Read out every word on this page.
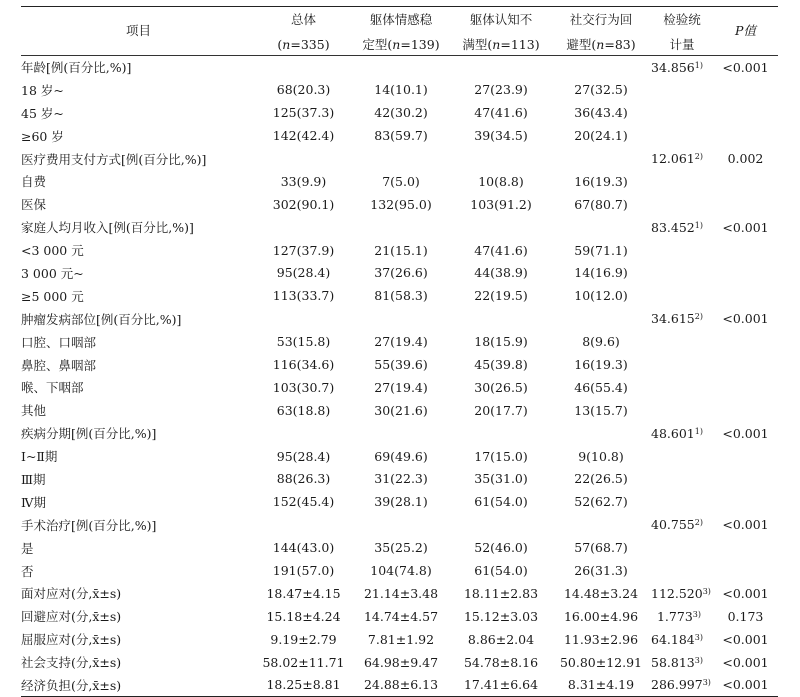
项目	总体	躯体情感稳	躯体认知不	社交行为回	检验统	P值
	(n=335)	定型(n=139)	满型(n=113)	避型(n=83)	计量	
年龄[例(百分比,%)]					$34.856^{1)}$	<0.001
18 岁~	68(20.3)	14(10.1)	27(23.9)	27(32.5)		
45 岁~	125(37.3)	42(30.2)	47(41.6)	36(43.4)		
≥60 岁	142(42.4)	83(59.7)	39(34.5)	20(24.1)		
医疗费用支付方式[例(百分比,%)]					12.061$^{2)}$	0.002
自费	33(9.9)	7(5.0)	10(8.8)	16(19.3)		
医保	302(90.1)	132(95.0)	103(91.2)	67(80.7)		
家庭人均月收入[例(百分比,%)]					$83.452^{1)}$	<0.001
<3 000 元	127(37.9)	21(15.1)	47(41.6)	59(71.1)		
3 000 元~	95(28.4)	37(26.6)	44(38.9)	14(16.9)		
≥5 000 元	113(33.7)	81(58.3)	22(19.5)	10(12.0)		
肿瘤发病部位[例(百分比,%)]					$34.615^{2)}$	<0.001
口腔、口咽部	53(15.8)	27(19.4)	18(15.9)	8(9.6)		
鼻腔、鼻咽部	116(34.6)	55(39.6)	45(39.8)	16(19.3)		
喉、下咽部	103(30.7)	27(19.4)	30(26.5)	46(55.4)		
其他	63(18.8)	30(21.6)	20(17.7)	13(15.7)		
疾病分期[例(百分比,%)]					$48.601^{1)}$	<0.001
Ⅰ~Ⅱ期	95(28.4)	69(49.6)	17(15.0)	9(10.8)		
Ⅲ期	88(26.3)	31(22.3)	35(31.0)	22(26.5)		
Ⅳ期	152(45.4)	39(28.1)	61(54.0)	52(62.7)		
手术治疗[例(百分比,%)]					$40.755^{2)}$	<0.001
是	144(43.0)	35(25.2)	52(46.0)	57(68.7)		
否	191(57.0)	104(74.8)	61(54.0)	26(31.3)		
面对应对(分,x̄±s)	18.47±4.15	21.14±3.48	18.11±2.83	14.48±3.24	$112.520^{3)}$	<0.001
回避应对(分,x̄±s)	15.18±4.24	14.74±4.57	15.12±3.03	16.00±4.96	1.773$^{3)}$	0.173
屈服应对(分,x̄±s)	9.19±2.79	7.81±1.92	8.86±2.04	11.93±2.96	$64.184^{3)}$	<0.001
社会支持(分,x̄±s)	58.02±11.71	64.98±9.47	54.78±8.16	50.80±12.91	$58.813^{3)}$	<0.001
经济负担(分,x̄±s)	18.25±8.81	24.88±6.13	17.41±6.64	8.31±4.19	$286.997^{3)}$	<0.001
